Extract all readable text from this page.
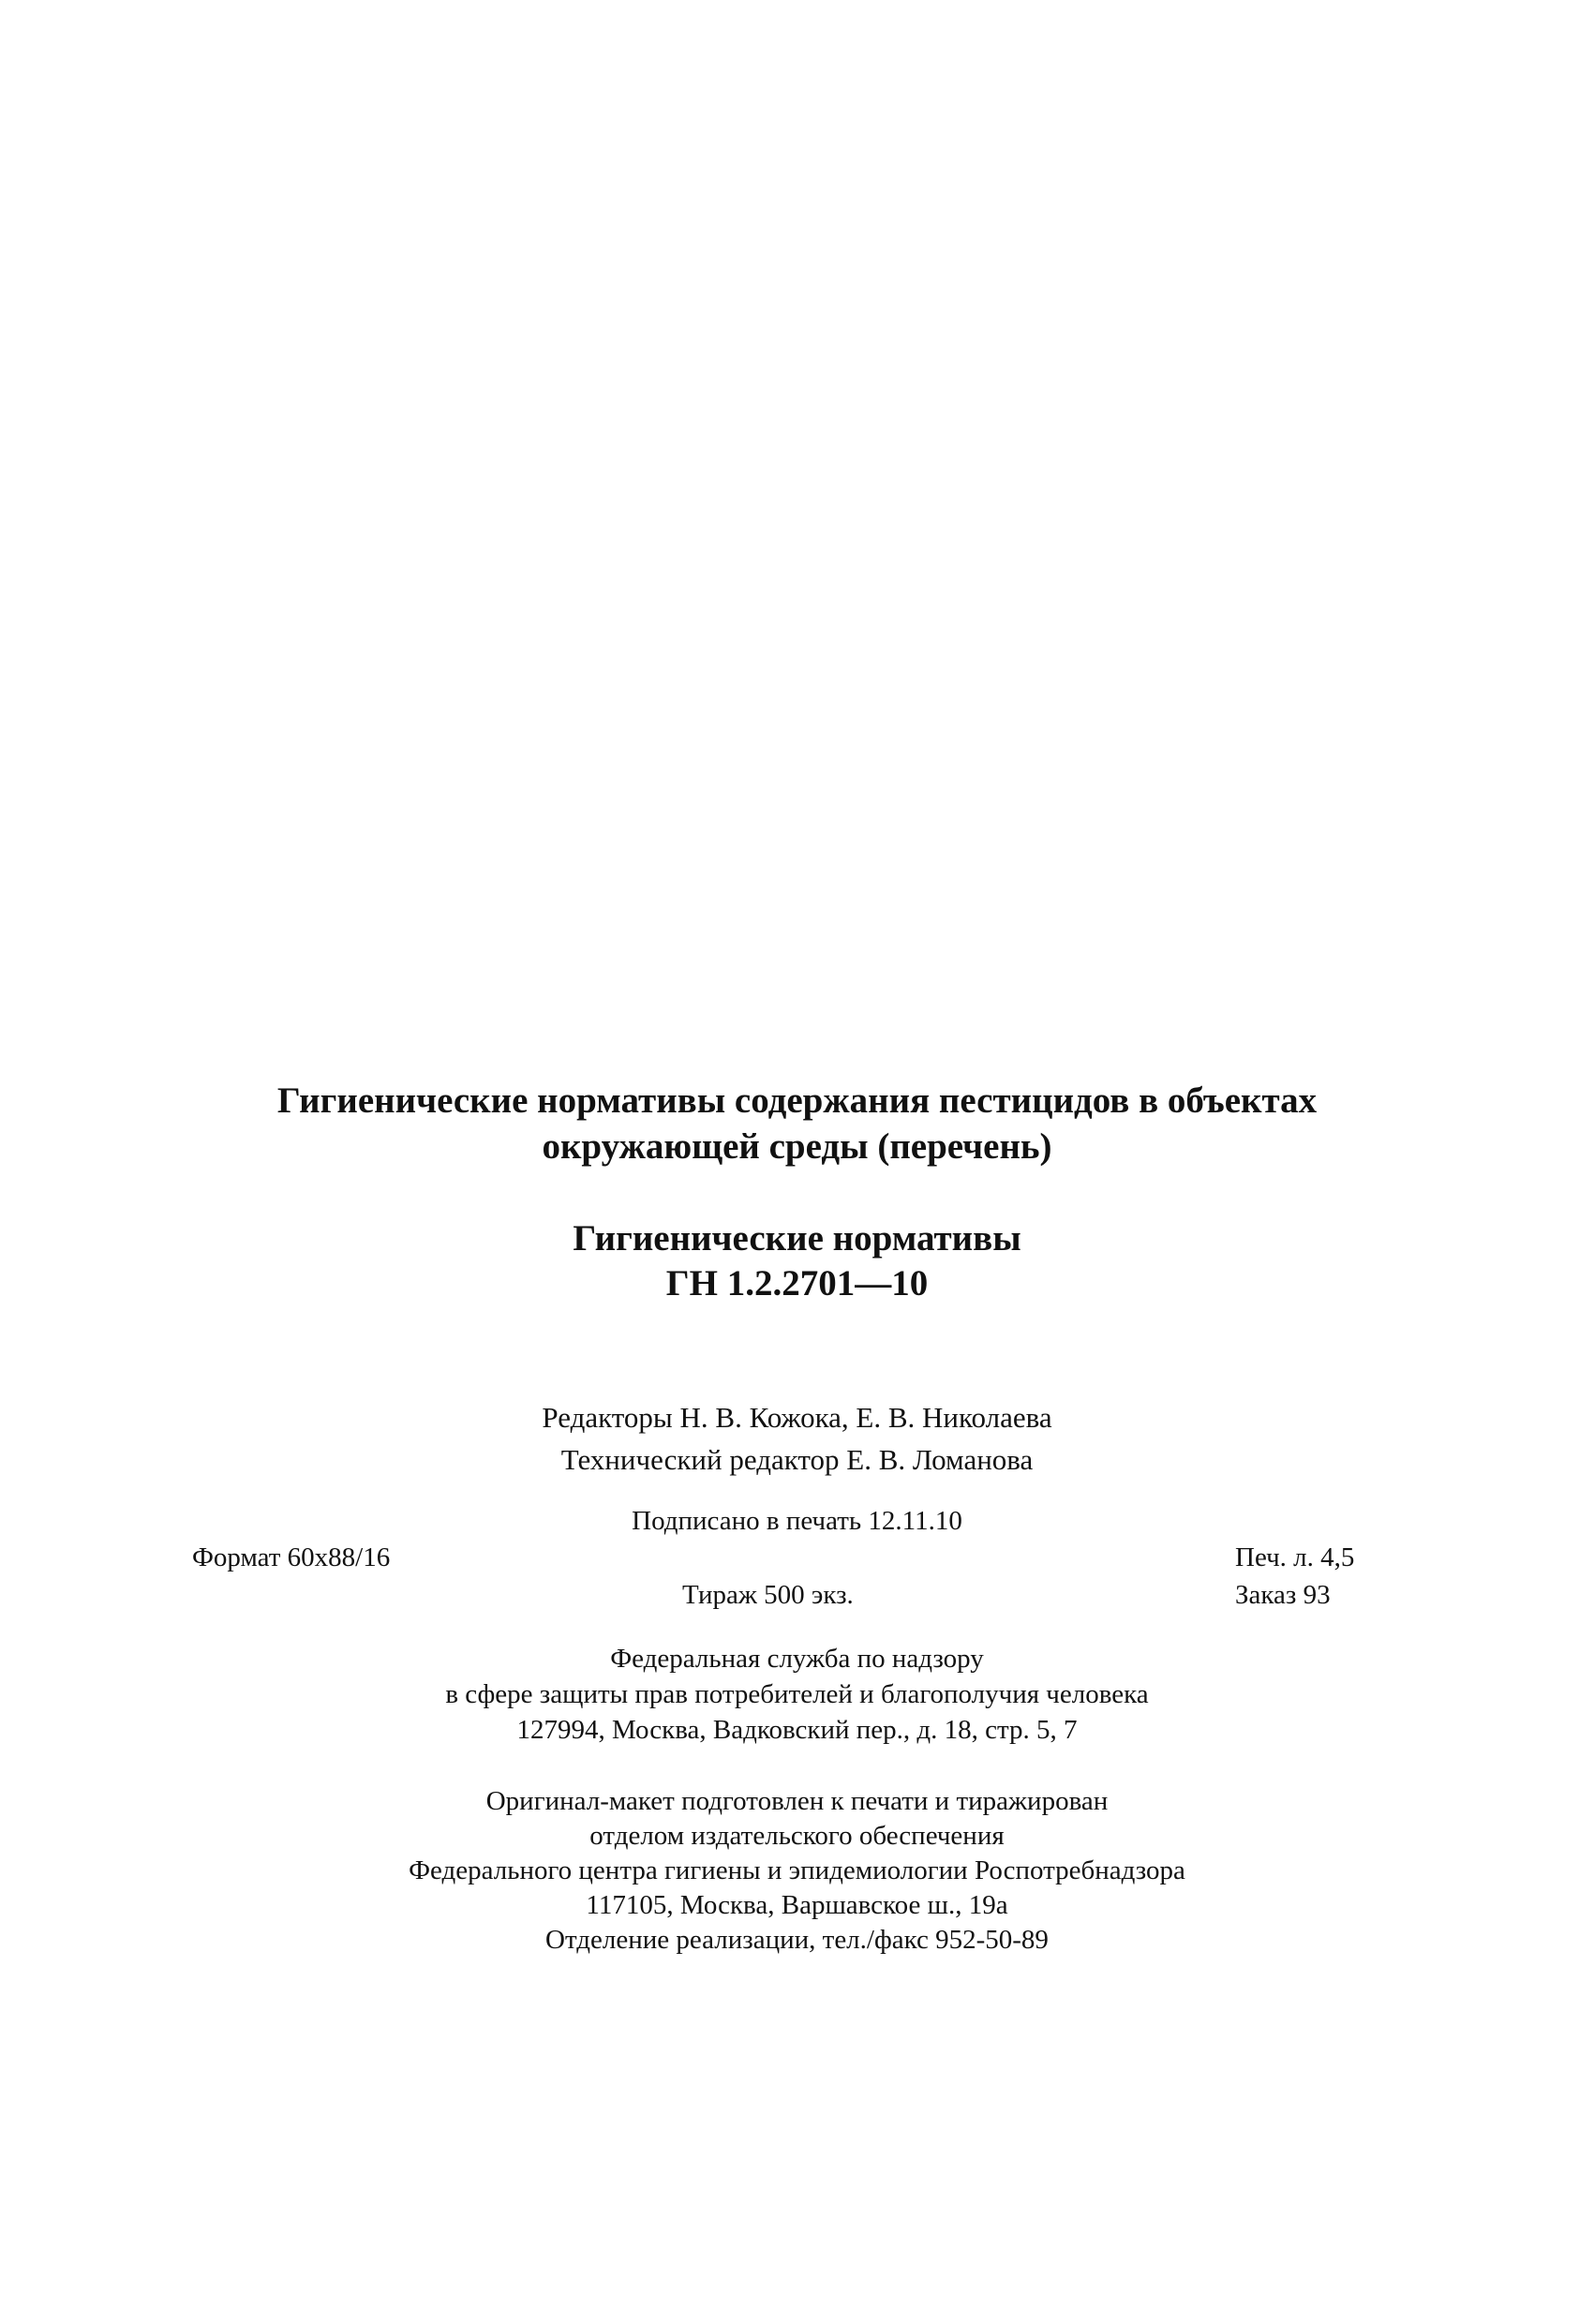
Гигиенические нормативы содержания пестицидов в объектах
окружающей среды (перечень)
Гигиенические нормативы
ГН 1.2.2701—10
Редакторы Н. В. Кожока, Е. В. Николаева
Технический редактор Е. В. Ломанова
Подписано в печать 12.11.10
Формат 60х88/16	Печ. л. 4,5
Заказ 93
Тираж 500 экз.
Федеральная служба по надзору
в сфере защиты прав потребителей и благополучия человека
127994, Москва, Вадковский пер., д. 18, стр. 5, 7
Оригинал-макет подготовлен к печати и тиражирован
отделом издательского обеспечения
Федерального центра гигиены и эпидемиологии Роспотребнадзора
117105, Москва, Варшавское ш., 19а
Отделение реализации, тел./факс 952-50-89
